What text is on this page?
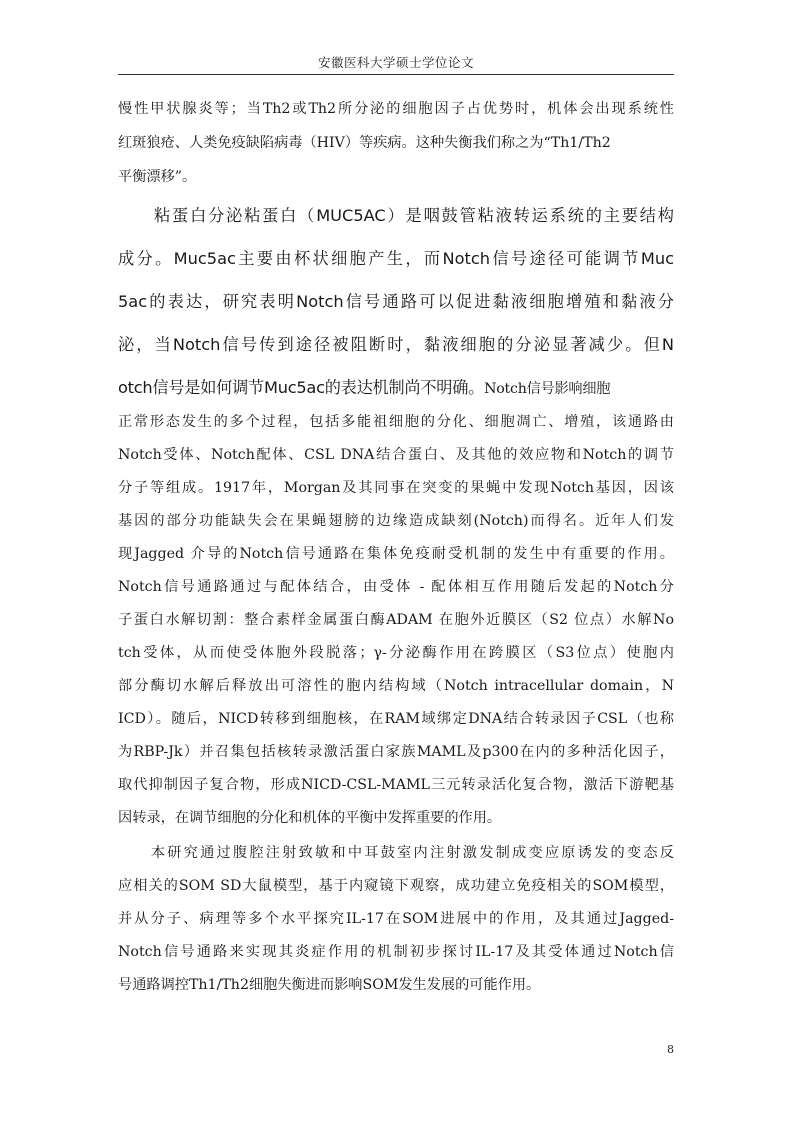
安徽医科大学硕士学位论文
慢性甲状腺炎等；当Th2或Th2所分泌的细胞因子占优势时，机体会出现系统性
红斑狼疮、人类免疫缺陷病毒（HIV）等疾病。这种失衡我们称之为“Th1/Th2
平衡漂移”。
　　粘蛋白分泌粘蛋白（MUC5AC）是咽鼓管粘液转运系统的主要结构
成分。Muc5ac主要由杯状细胞产生，而Notch信号途径可能调节Muc
5ac的表达，研究表明Notch信号通路可以促进黏液细胞增殖和黏液分
泌，当Notch信号传到途径被阻断时，黏液细胞的分泌显著减少。但N
otch信号是如何调节Muc5ac的表达机制尚不明确。Notch信号影响细胞
正常形态发生的多个过程，包括多能祖细胞的分化、细胞凋亡、增殖，该通路由
Notch受体、Notch配体、CSL DNA结合蛋白、及其他的效应物和Notch的调节
分子等组成。1917年，Morgan及其同事在突变的果蝇中发现Notch基因，因该
基因的部分功能缺失会在果蝇翅膀的边缘造成缺刻(Notch)而得名。近年人们发
现Jagged 介导的Notch信号通路在集体免疫耐受机制的发生中有重要的作用。
Notch信号通路通过与配体结合，由受体 - 配体相互作用随后发起的Notch分
子蛋白水解切割：整合素样金属蛋白酶ADAM 在胞外近膜区（S2 位点）水解No
tch受体，从而使受体胞外段脱落；γ-分泌酶作用在跨膜区（S3位点）使胞内
部分酶切水解后释放出可溶性的胞内结构域（Notch intracellular domain，N
ICD）。随后，NICD转移到细胞核，在RAM域绑定DNA结合转录因子CSL（也称
为RBP-Jk）并召集包括核转录激活蛋白家族MAML及p300在内的多种活化因子，
取代抑制因子复合物，形成NICD-CSL-MAML三元转录活化复合物，激活下游靶基
因转录，在调节细胞的分化和机体的平衡中发挥重要的作用。
　　本研究通过腹腔注射致敏和中耳鼓室内注射激发制成变应原诱发的变态反
应相关的SOM SD大鼠模型，基于内窥镜下观察，成功建立免疫相关的SOM模型，
并从分子、病理等多个水平探究IL-17在SOM进展中的作用，及其通过Jagged-
Notch信号通路来实现其炎症作用的机制初步探讨IL-17及其受体通过Notch信
号通路调控Th1/Th2细胞失衡进而影响SOM发生发展的可能作用。
8
